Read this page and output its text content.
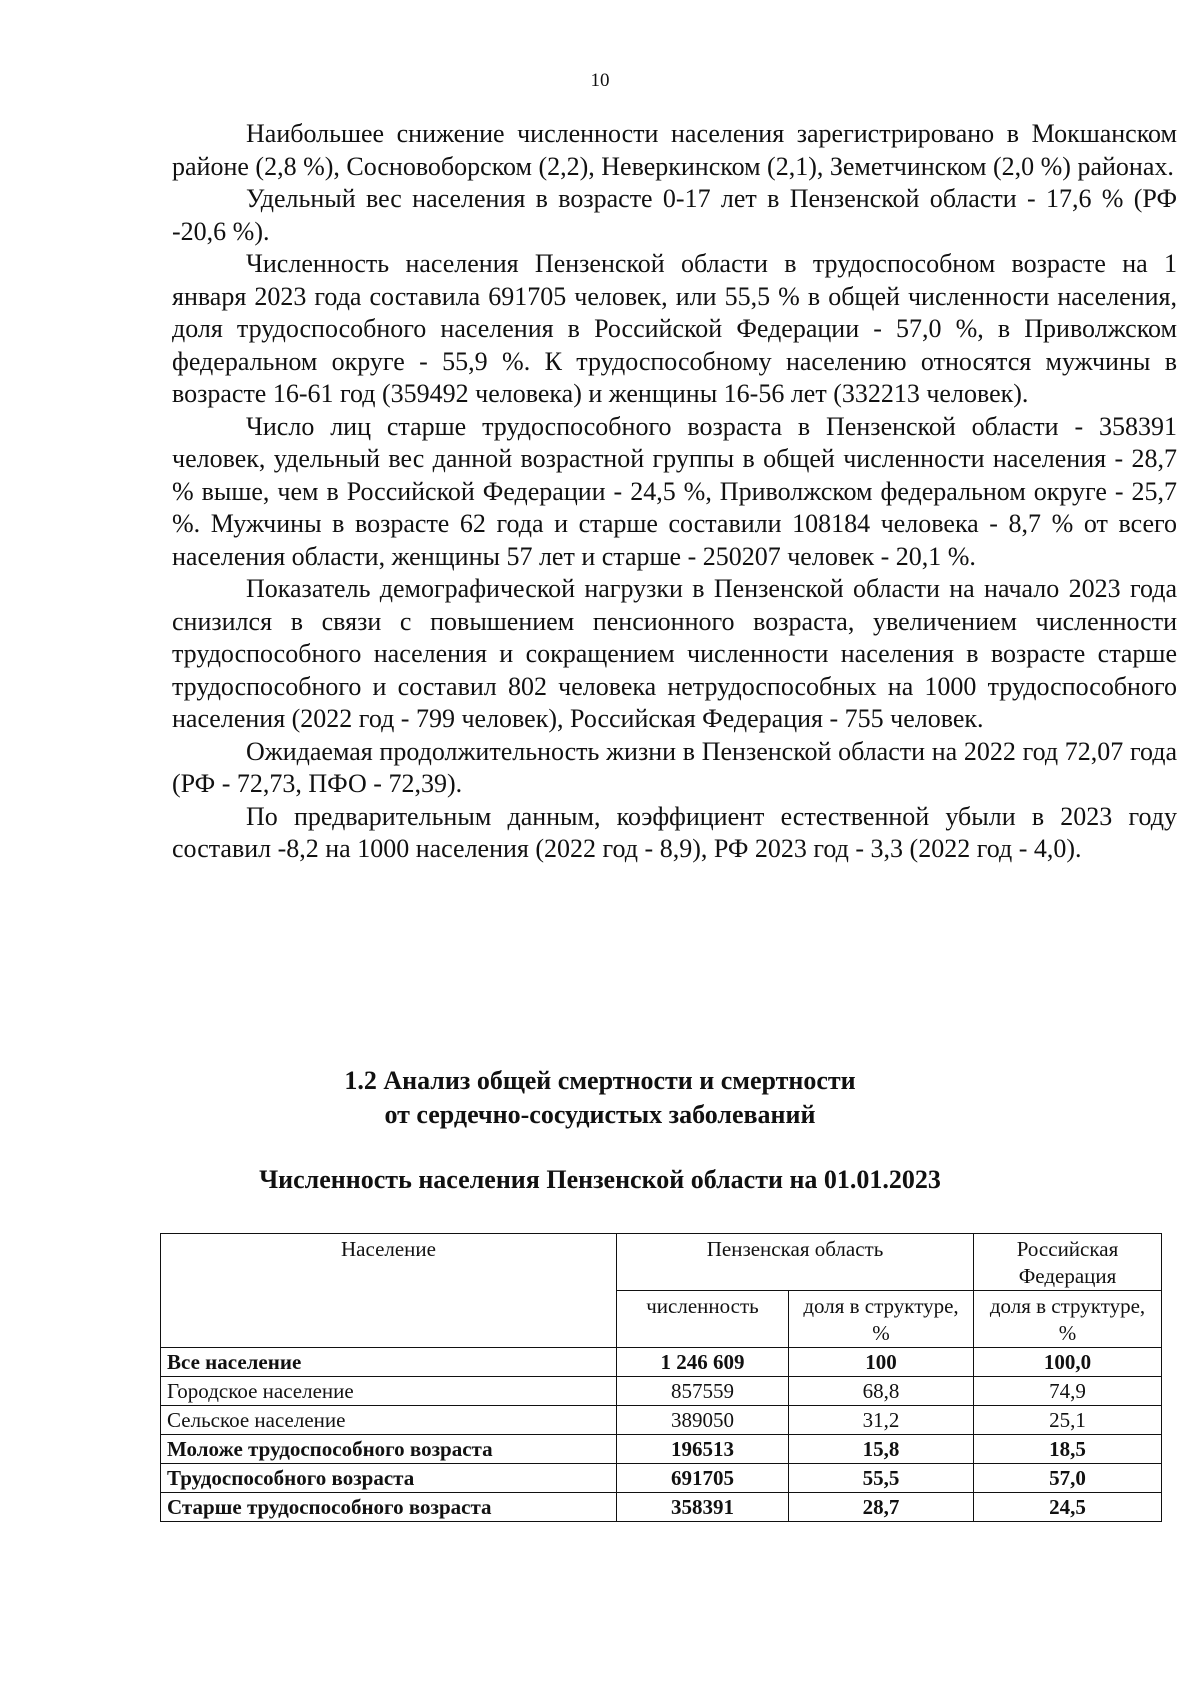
10

Наибольшее снижение численности населения зарегистрировано в Мокшанском районе (2,8 %), Сосновоборском (2,2), Неверкинском (2,1), Земетчинском (2,0 %) районах.

Удельный вес населения в возрасте 0-17 лет в Пензенской области - 17,6 % (РФ -20,6 %).

Численность населения Пензенской области в трудоспособном возрасте на 1 января 2023 года составила 691705 человек, или 55,5 % в общей численности населения, доля трудоспособного населения в Российской Федерации - 57,0 %, в Приволжском федеральном округе - 55,9 %. К трудоспособному населению относятся мужчины в возрасте 16-61 год (359492 человека) и женщины 16-56 лет (332213 человек).

Число лиц старше трудоспособного возраста в Пензенской области - 358391 человек, удельный вес данной возрастной группы в общей численности населения - 28,7 % выше, чем в Российской Федерации - 24,5 %, Приволжском федеральном округе - 25,7 %. Мужчины в возрасте 62 года и старше составили 108184 человека - 8,7 % от всего населения области, женщины 57 лет и старше - 250207 человек - 20,1 %.

Показатель демографической нагрузки в Пензенской области на начало 2023 года снизился в связи с повышением пенсионного возраста, увеличением численности трудоспособного населения и сокращением численности населения в возрасте старше трудоспособного и составил 802 человека нетрудоспособных на 1000 трудоспособного населения (2022 год - 799 человек), Российская Федерация - 755 человек.

Ожидаемая продолжительность жизни в Пензенской области на 2022 год 72,07 года (РФ - 72,73, ПФО - 72,39).

По предварительным данным, коэффициент естественной убыли в 2023 году составил -8,2 на 1000 населения (2022 год - 8,9), РФ 2023 год - 3,3 (2022 год - 4,0).

1.2 Анализ общей смертности и смертности
от сердечно-сосудистых заболеваний
Численность населения Пензенской области на 01.01.2023
Население	Пензенская область		Российская Федерация
	численность	доля в структуре, %	доля в структуре, %
Все население	1 246 609	100	100,0
Городское население	857559	68,8	74,9
Сельское население	389050	31,2	25,1
Моложе трудоспособного возраста	196513	15,8	18,5
Трудоспособного возраста	691705	55,5	57,0
Старше трудоспособного возраста	358391	28,7	24,5
